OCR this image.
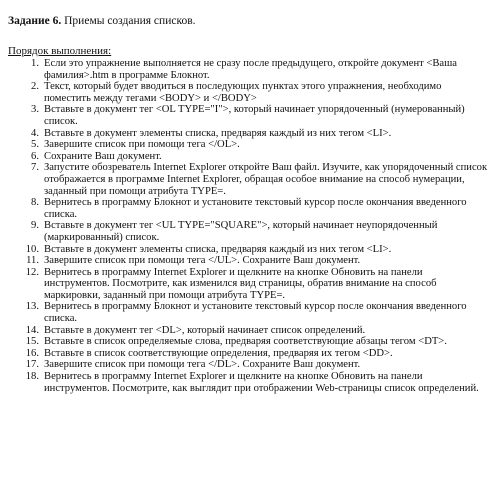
Задание 6. Приемы создания списков.
Порядок выполнения:
1. Если это упражнение выполняется не сразу после предыдущего, откройте документ <Ваша фамилия>.htm в программе Блокнот.
2. Текст, который будет вводиться в последующих пунктах этого упражнения, необходимо поместить между тегами <BODY> и </BODY>
3. Вставьте в документ тег <OL TYPE="I">, который начинает упорядоченный (нумерованный) список.
4. Вставьте в документ элементы списка, предваряя каждый из них тегом <LI>.
5. Завершите список при помощи тега </OL>.
6. Сохраните Ваш документ.
7. Запустите обозреватель Internet Explorer откройте Ваш файл. Изучите, как упорядоченный список отображается в программе Internet Explorer, обращая особое внимание на способ нумерации, заданный при помощи атрибута TYPE=.
8. Вернитесь в программу Блокнот и установите текстовый курсор после окончания введенного списка.
9. Вставьте в документ тег <UL TYPE="SQUARE">, который начинает неупорядоченный (маркированный) список.
10. Вставьте в документ элементы списка, предваряя каждый из них тегом <LI>.
11. Завершите список при помощи тега </UL>. Сохраните Ваш документ.
12. Вернитесь в программу Internet Explorer и щелкните на кнопке Обновить на панели инструментов. Посмотрите, как изменился вид страницы, обратив внимание на способ маркировки, заданный при помощи атрибута TYPE=.
13. Вернитесь в программу Блокнот и установите текстовый курсор после окончания введенного списка.
14. Вставьте в документ тег <DL>, который начинает список определений.
15. Вставьте в список определяемые слова, предваряя соответствующие абзацы тегом <DT>.
16. Вставьте в список соответствующие определения, предваряя их тегом <DD>.
17. Завершите список при помощи тега </DL>. Сохраните Ваш документ.
18. Вернитесь в программу Internet Explorer и щелкните на кнопке Обновить на панели инструментов. Посмотрите, как выглядит при отображении Web-страницы список определений.
